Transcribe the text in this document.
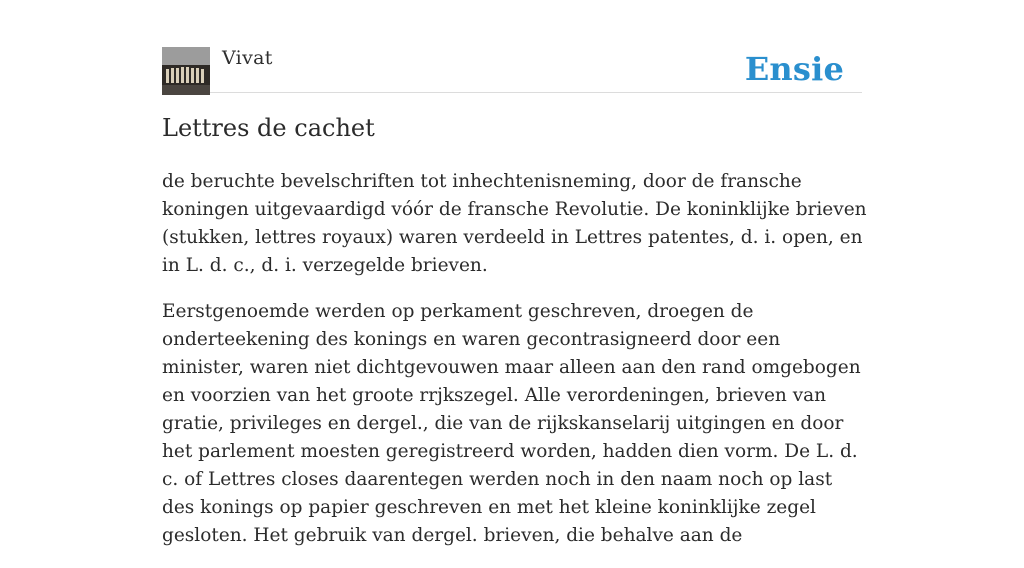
Vivat	Ensie
Lettres de cachet

de beruchte bevelschriften tot inhechtenisneming, door de fransche koningen uitgevaardigd vóór de fransche Revolutie. De koninklijke brieven (stukken, lettres royaux) waren verdeeld in Lettres patentes, d. i. open, en in L. d. c., d. i. verzegelde brieven.

Eerstgenoemde werden op perkament geschreven, droegen de onderteekening des konings en waren gecontrasigneerd door een minister, waren niet dichtgevouwen maar alleen aan den rand omgebogen en voorzien van het groote rrjkszegel. Alle verordeningen, brieven van gratie, privileges en dergel., die van de rijkskanselarij uitgingen en door het parlement moesten geregistreerd worden, hadden dien vorm. De L. d. c. of Lettres closes daarentegen werden noch in den naam noch op last des konings op papier geschreven en met het kleine koninklijke zegel gesloten. Het gebruik van dergel. brieven, die behalve aan de
